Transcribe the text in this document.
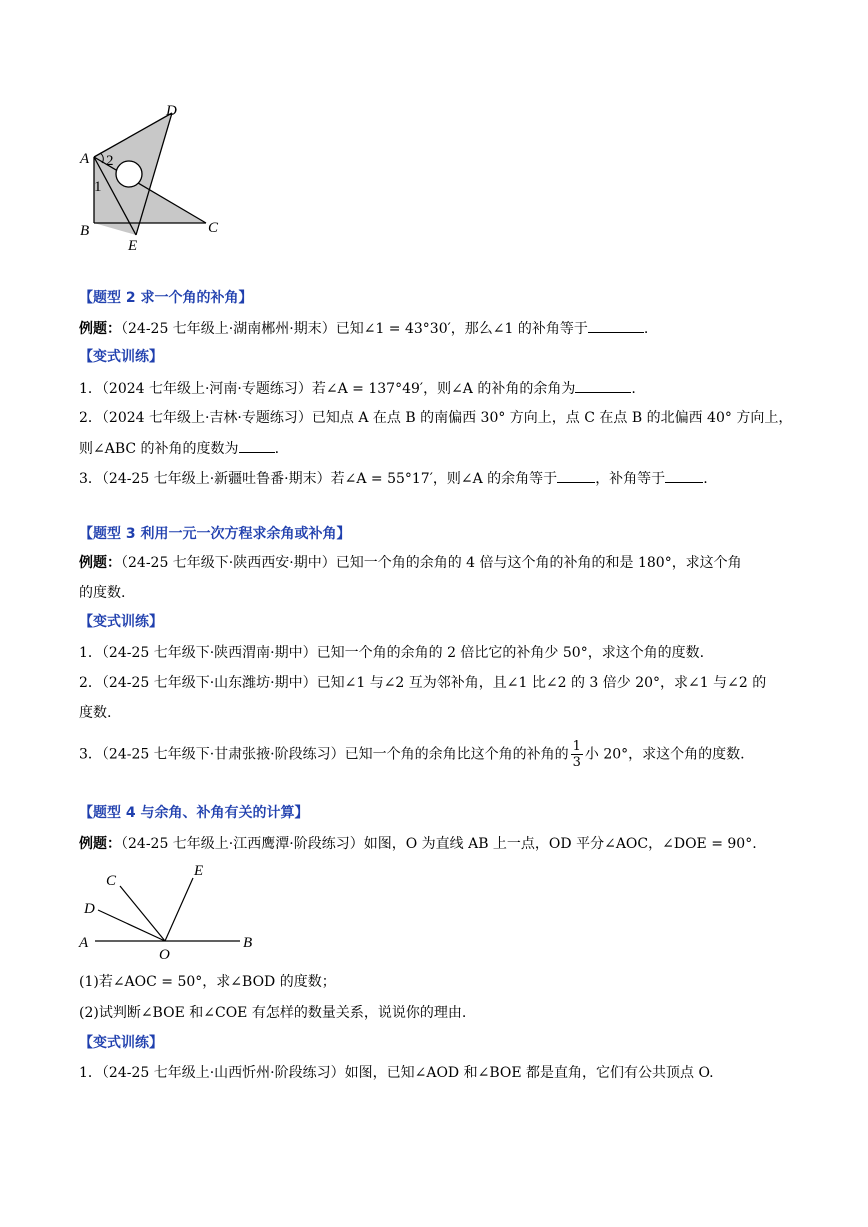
D
A 2
1
B
E
C
【题型 2 求一个角的补角】
例题：（24-25 七年级上·湖南郴州·期末）已知∠1 = 43°30′，那么∠1 的补角等于	.
【变式训练】
1．（2024 七年级上·河南·专题练习）若∠A = 137°49′，则∠A 的补角的余角为	.
2．（2024 七年级上·吉林·专题练习）已知点 A 在点 B 的南偏西 30° 方向上，点 C 在点 B 的北偏西 40° 方向上，
则∠ABC 的补角的度数为	.
3．（24-25 七年级上·新疆吐鲁番·期末）若∠A = 55°17′，则∠A 的余角等于	，补角等于	.
【题型 3 利用一元一次方程求余角或补角】
例题：（24-25 七年级下·陕西西安·期中）已知一个角的余角的 4 倍与这个角的补角的和是 180°，求这个角
的度数.
【变式训练】
1．（24-25 七年级下·陕西渭南·期中）已知一个角的余角的 2 倍比它的补角少 50°，求这个角的度数.
2．（24-25 七年级下·山东潍坊·期中）已知∠1 与∠2 互为邻补角，且∠1 比∠2 的 3 倍少 20°，求∠1 与∠2 的
度数.
3．（24-25 七年级下·甘肃张掖·阶段练习）已知一个角的余角比这个角的补角的 $\frac{1}{3}$ 小 20°，求这个角的度数.
【题型 4 与余角、补角有关的计算】
例题：（24-25 七年级上·江西鹰潭·阶段练习）如图，O 为直线 AB 上一点，OD 平分∠AOC，∠DOE = 90°.
C
E
D
A
O
B
(1)若∠AOC = 50°，求∠BOD 的度数；
(2)试判断∠BOE 和∠COE 有怎样的数量关系，说说你的理由.
【变式训练】
1．（24-25 七年级上·山西忻州·阶段练习）如图，已知∠AOD 和∠BOE 都是直角，它们有公共顶点 O.
